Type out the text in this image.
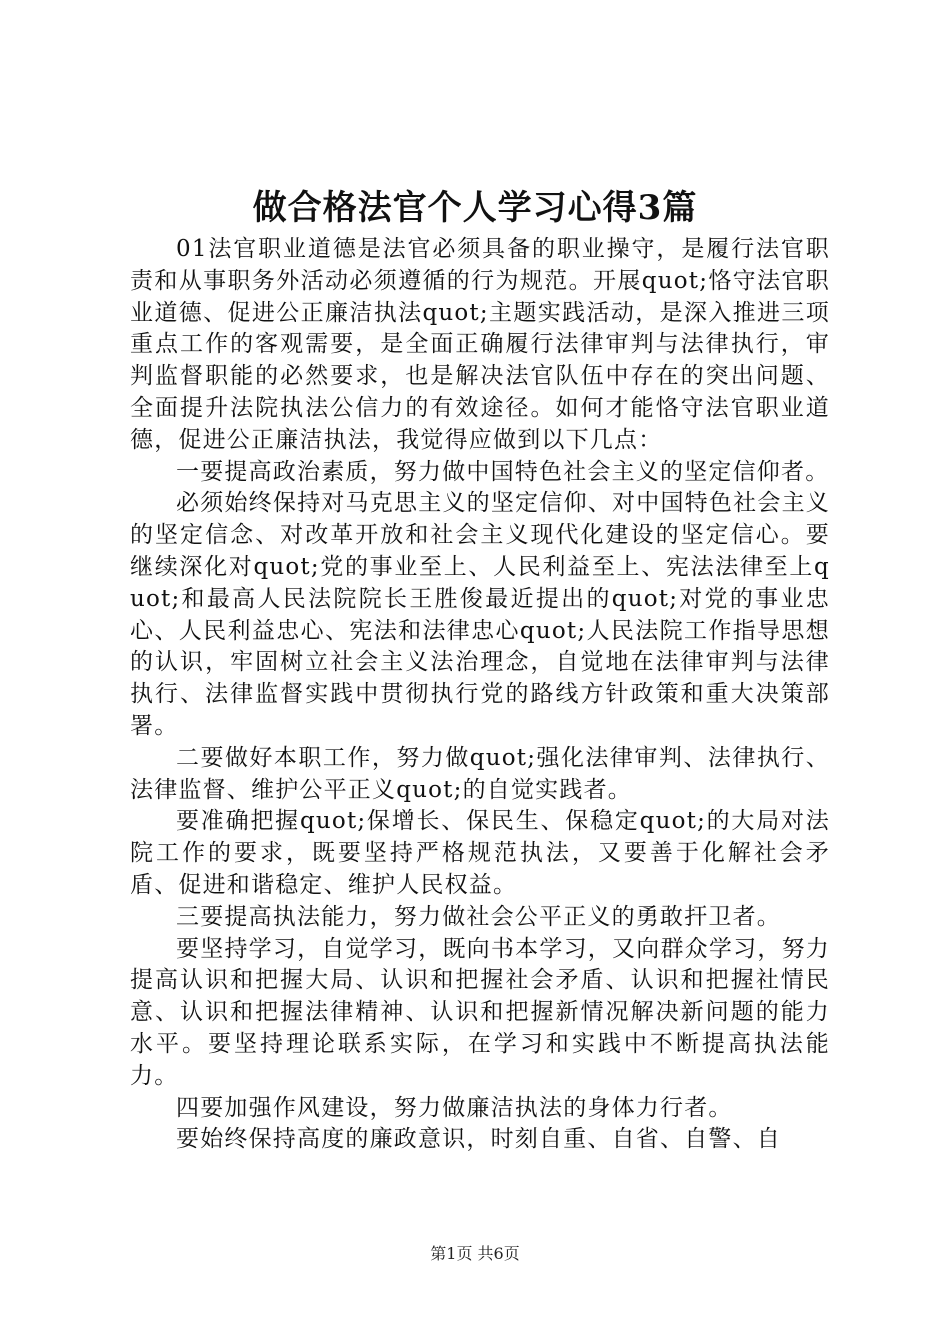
做合格法官个人学习心得3篇

01法官职业道德是法官必须具备的职业操守，是履行法官职责和从事职务外活动必须遵循的行为规范。开展quot;恪守法官职业道德、促进公正廉洁执法quot;主题实践活动，是深入推进三项重点工作的客观需要，是全面正确履行法律审判与法律执行，审判监督职能的必然要求，也是解决法官队伍中存在的突出问题、全面提升法院执法公信力的有效途径。如何才能恪守法官职业道德，促进公正廉洁执法，我觉得应做到以下几点：

一要提高政治素质，努力做中国特色社会主义的坚定信仰者。

必须始终保持对马克思主义的坚定信仰、对中国特色社会主义的坚定信念、对改革开放和社会主义现代化建设的坚定信心。要继续深化对quot;党的事业至上、人民利益至上、宪法法律至上quot;和最高人民法院院长王胜俊最近提出的quot;对党的事业忠心、人民利益忠心、宪法和法律忠心quot;人民法院工作指导思想的认识，牢固树立社会主义法治理念，自觉地在法律审判与法律执行、法律监督实践中贯彻执行党的路线方针政策和重大决策部署。

二要做好本职工作，努力做quot;强化法律审判、法律执行、法律监督、维护公平正义quot;的自觉实践者。

要准确把握quot;保增长、保民生、保稳定quot;的大局对法院工作的要求，既要坚持严格规范执法，又要善于化解社会矛盾、促进和谐稳定、维护人民权益。

三要提高执法能力，努力做社会公平正义的勇敢扞卫者。

要坚持学习，自觉学习，既向书本学习，又向群众学习，努力提高认识和把握大局、认识和把握社会矛盾、认识和把握社情民意、认识和把握法律精神、认识和把握新情况解决新问题的能力水平。要坚持理论联系实际，在学习和实践中不断提高执法能力。

四要加强作风建设，努力做廉洁执法的身体力行者。

要始终保持高度的廉政意识，时刻自重、自省、自警、自

第1页 共6页
